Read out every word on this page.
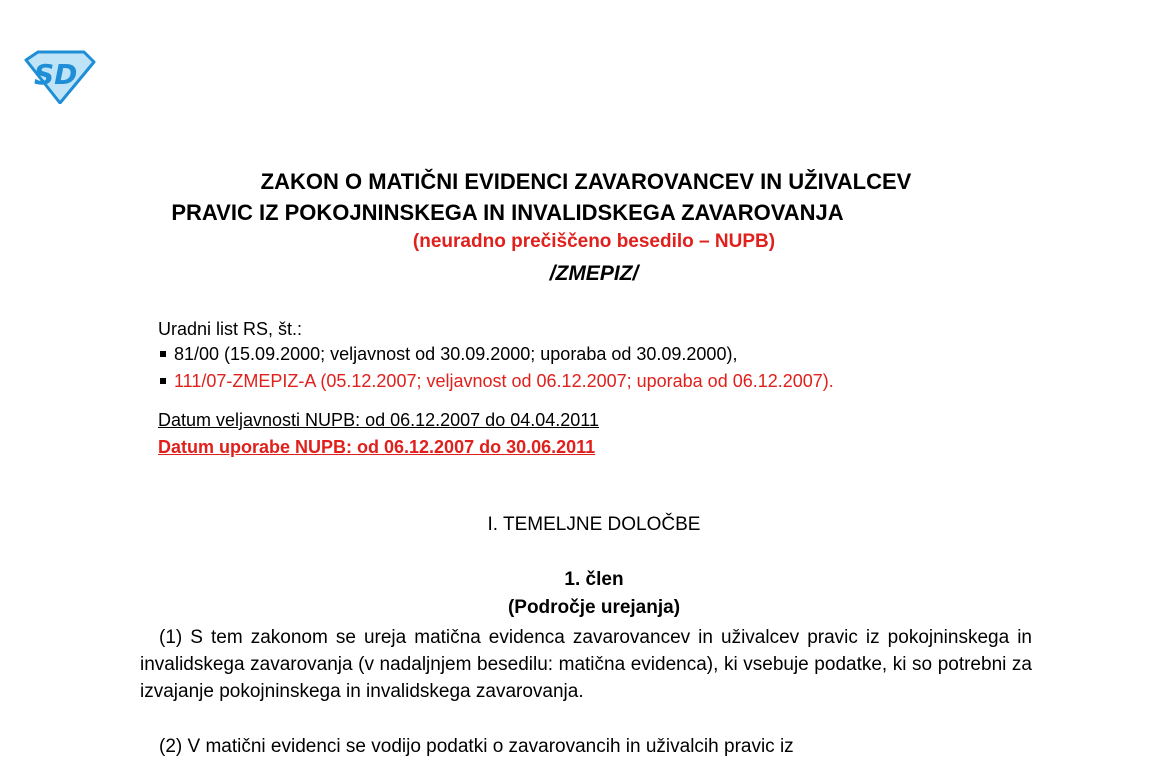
SD
ZAKON O MATIČNI EVIDENCI ZAVAROVANCEV IN UŽIVALCEV
PRAVIC IZ POKOJNINSKEGA IN INVALIDSKEGA ZAVAROVANJA
(neuradno prečiščeno besedilo – NUPB)
/ZMEPIZ/
Uradni list RS, št.:
81/00 (15.09.2000; veljavnost od 30.09.2000; uporaba od 30.09.2000),
111/07-ZMEPIZ-A (05.12.2007; veljavnost od 06.12.2007; uporaba od 06.12.2007).
Datum veljavnosti NUPB: od 06.12.2007 do 04.04.2011
Datum uporabe NUPB: od 06.12.2007 do 30.06.2011
I. TEMELJNE DOLOČBE
1. člen
(Področje urejanja)
(1) S tem zakonom se ureja matična evidenca zavarovancev in uživalcev pravic iz pokojninskega in invalidskega zavarovanja (v nadaljnjem besedilu: matična evidenca), ki vsebuje podatke, ki so potrebni za izvajanje pokojninskega in invalidskega zavarovanja.
(2) V matični evidenci se vodijo podatki o zavarovancih in uživalcih pravic iz
